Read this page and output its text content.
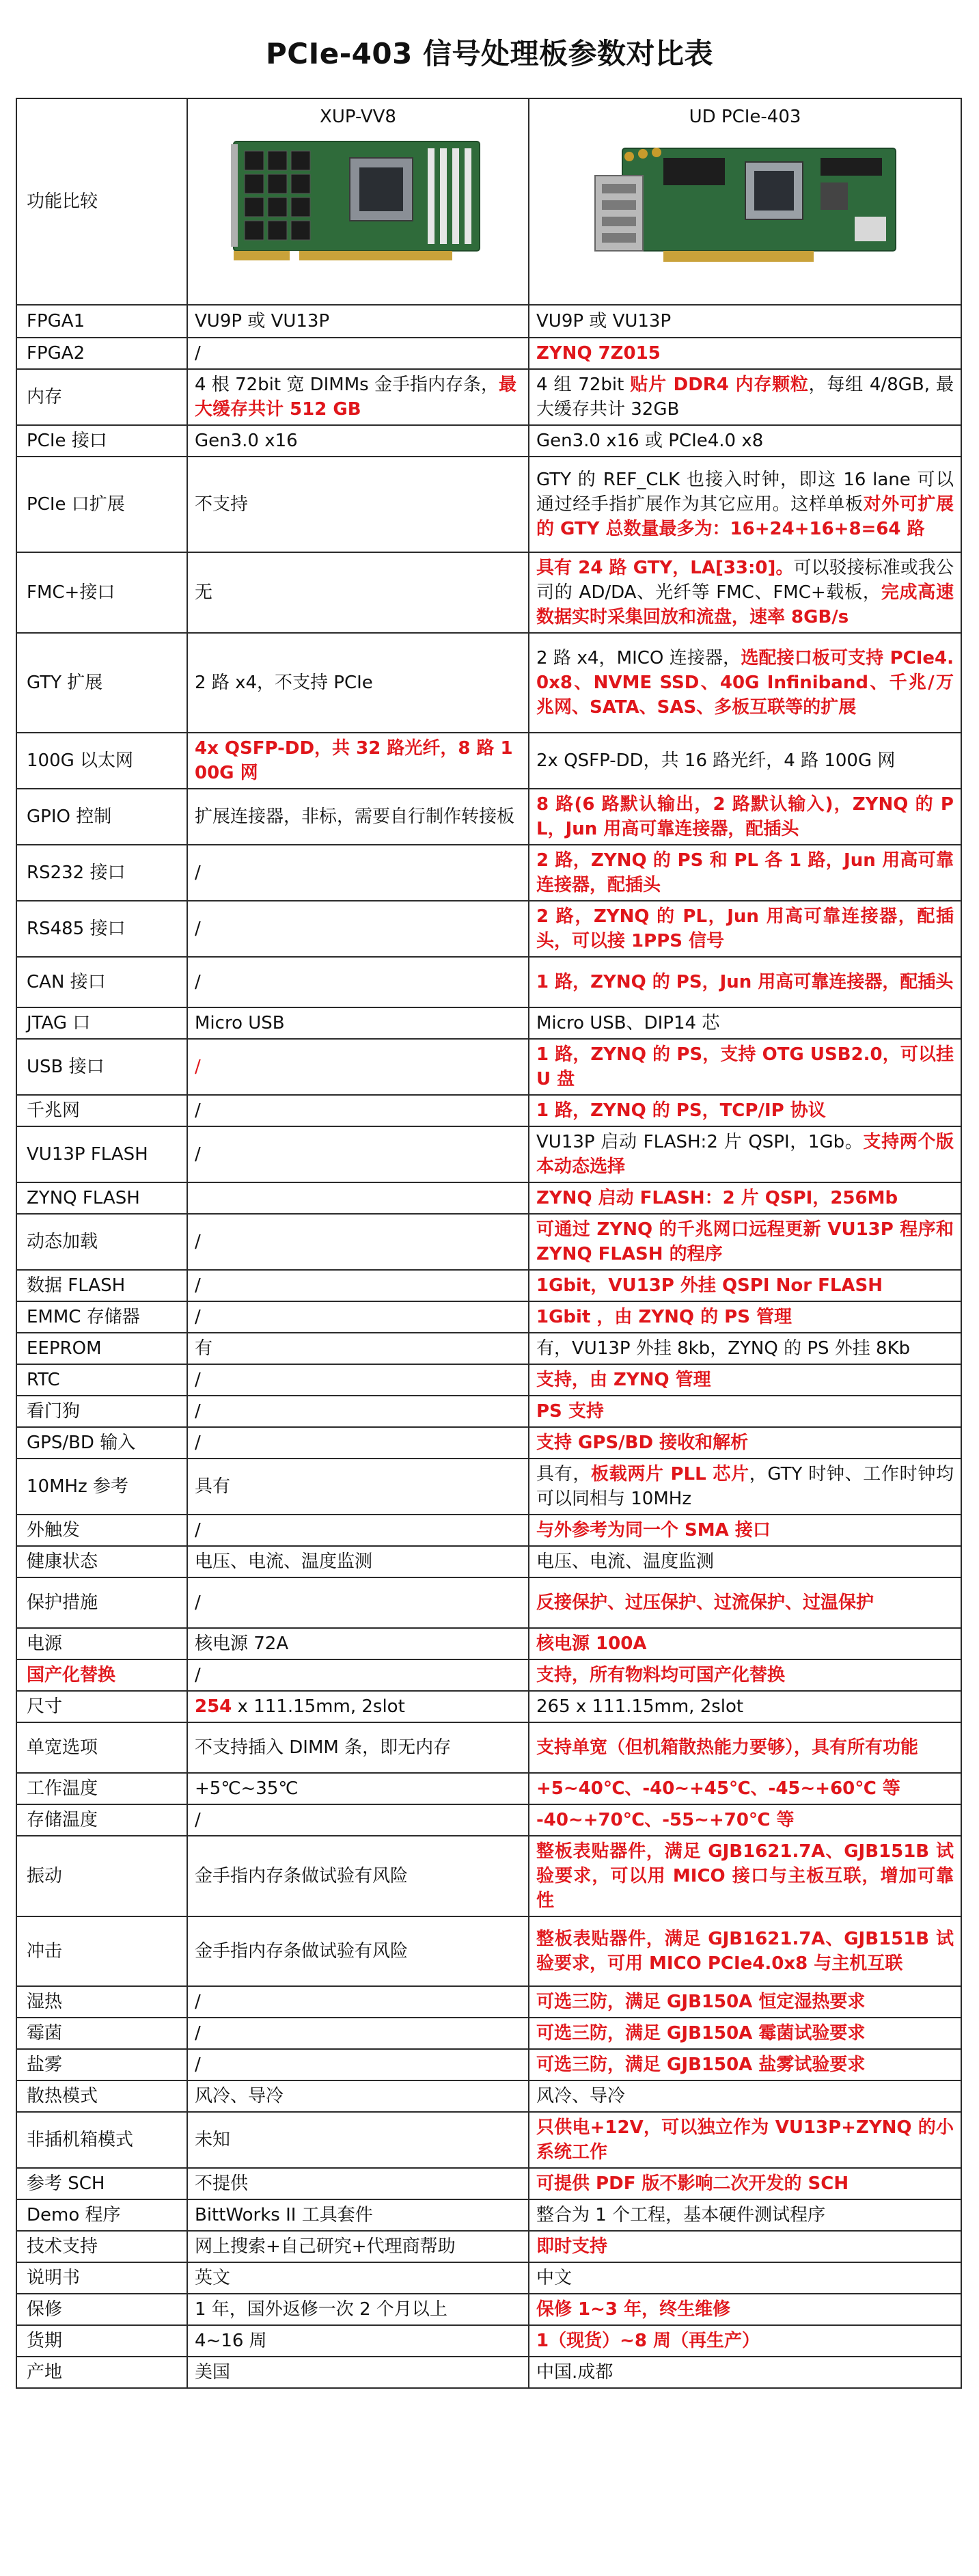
PCIe-403 信号处理板参数对比表
功能比较	XUP-VV8	UD PCIe-403

FPGA1	VU9P 或 VU13P	VU9P 或 VU13P
FPGA2	/	ZYNQ 7Z015
内存	4 根 72bit 宽 DIMMs 金手指内存条，最大缓存共计 512 GB	4 组 72bit 贴片 DDR4 内存颗粒，每组 4/8GB, 最大缓存共计 32GB
PCIe 接口	Gen3.0 x16	Gen3.0 x16 或 PCIe4.0 x8
PCIe 口扩展	不支持	GTY 的 REF_CLK 也接入时钟，即这 16 lane 可以通过经手指扩展作为其它应用。这样单板对外可扩展的 GTY 总数量最多为：16+24+16+8=64 路
FMC+接口	无	具有 24 路 GTY，LA[33:0]。可以驳接标准或我公司的 AD/DA、光纤等 FMC、FMC+载板，完成高速数据实时采集回放和流盘，速率 8GB/s
GTY 扩展	2 路 x4，不支持 PCIe	2 路 x4，MICO 连接器，选配接口板可支持 PCIe4.0x8、NVME SSD、40G Infiniband、千兆/万兆网、SATA、SAS、多板互联等的扩展
100G 以太网	4x QSFP-DD，共 32 路光纤，8 路 100G 网	2x QSFP-DD，共 16 路光纤，4 路 100G 网
GPIO 控制	扩展连接器，非标，需要自行制作转接板	8 路(6 路默认输出，2 路默认输入)，ZYNQ 的 PL，Jun 用高可靠连接器，配插头
RS232 接口	/	2 路，ZYNQ 的 PS 和 PL 各 1 路，Jun 用高可靠连接器，配插头
RS485 接口	/	2 路，ZYNQ 的 PL，Jun 用高可靠连接器，配插头，可以接 1PPS 信号
CAN 接口	/	1 路，ZYNQ 的 PS，Jun 用高可靠连接器，配插头
JTAG 口	Micro USB	Micro USB、DIP14 芯
USB 接口	/	1 路，ZYNQ 的 PS，支持 OTG USB2.0，可以挂 U 盘
千兆网	/	1 路，ZYNQ 的 PS，TCP/IP 协议
VU13P FLASH	/	VU13P 启动 FLASH:2 片 QSPI，1Gb。支持两个版本动态选择
ZYNQ FLASH		ZYNQ 启动 FLASH：2 片 QSPI，256Mb
动态加载	/	可通过 ZYNQ 的千兆网口远程更新 VU13P 程序和 ZYNQ FLASH 的程序
数据 FLASH	/	1Gbit，VU13P 外挂 QSPI Nor FLASH
EMMC 存储器	/	1Gbit ，由 ZYNQ 的 PS 管理
EEPROM	有	有，VU13P 外挂 8kb，ZYNQ 的 PS 外挂 8Kb
RTC	/	支持，由 ZYNQ 管理
看门狗	/	PS 支持
GPS/BD 输入	/	支持 GPS/BD 接收和解析
10MHz 参考	具有	具有，板载两片 PLL 芯片，GTY 时钟、工作时钟均可以同相与 10MHz
外触发	/	与外参考为同一个 SMA 接口
健康状态	电压、电流、温度监测	电压、电流、温度监测
保护措施	/	反接保护、过压保护、过流保护、过温保护
电源	核电源 72A	核电源 100A
国产化替换	/	支持，所有物料均可国产化替换
尺寸	254 x 111.15mm, 2slot	265 x 111.15mm, 2slot
单宽选项	不支持插入 DIMM 条，即无内存	支持单宽（但机箱散热能力要够），具有所有功能
工作温度	+5℃~35℃	+5~40℃、-40~+45℃、-45~+60℃ 等
存储温度	/	-40~+70℃、-55~+70℃ 等
振动	金手指内存条做试验有风险	整板表贴器件，满足 GJB1621.7A、GJB151B 试验要求，可以用 MICO 接口与主板互联，增加可靠性
冲击	金手指内存条做试验有风险	整板表贴器件，满足 GJB1621.7A、GJB151B 试验要求，可用 MICO PCIe4.0x8 与主机互联
湿热	/	可选三防，满足 GJB150A 恒定湿热要求
霉菌	/	可选三防，满足 GJB150A 霉菌试验要求
盐雾	/	可选三防，满足 GJB150A 盐雾试验要求
散热模式	风冷、导冷	风冷、导冷
非插机箱模式	未知	只供电+12V，可以独立作为 VU13P+ZYNQ 的小系统工作
参考 SCH	不提供	可提供 PDF 版不影响二次开发的 SCH
Demo 程序	BittWorks II 工具套件	整合为 1 个工程，基本硬件测试程序
技术支持	网上搜索+自己研究+代理商帮助	即时支持
说明书	英文	中文
保修	1 年，国外返修一次 2 个月以上	保修 1~3 年，终生维修
货期	4~16 周	1（现货）~8 周（再生产）
产地	美国	中国.成都
